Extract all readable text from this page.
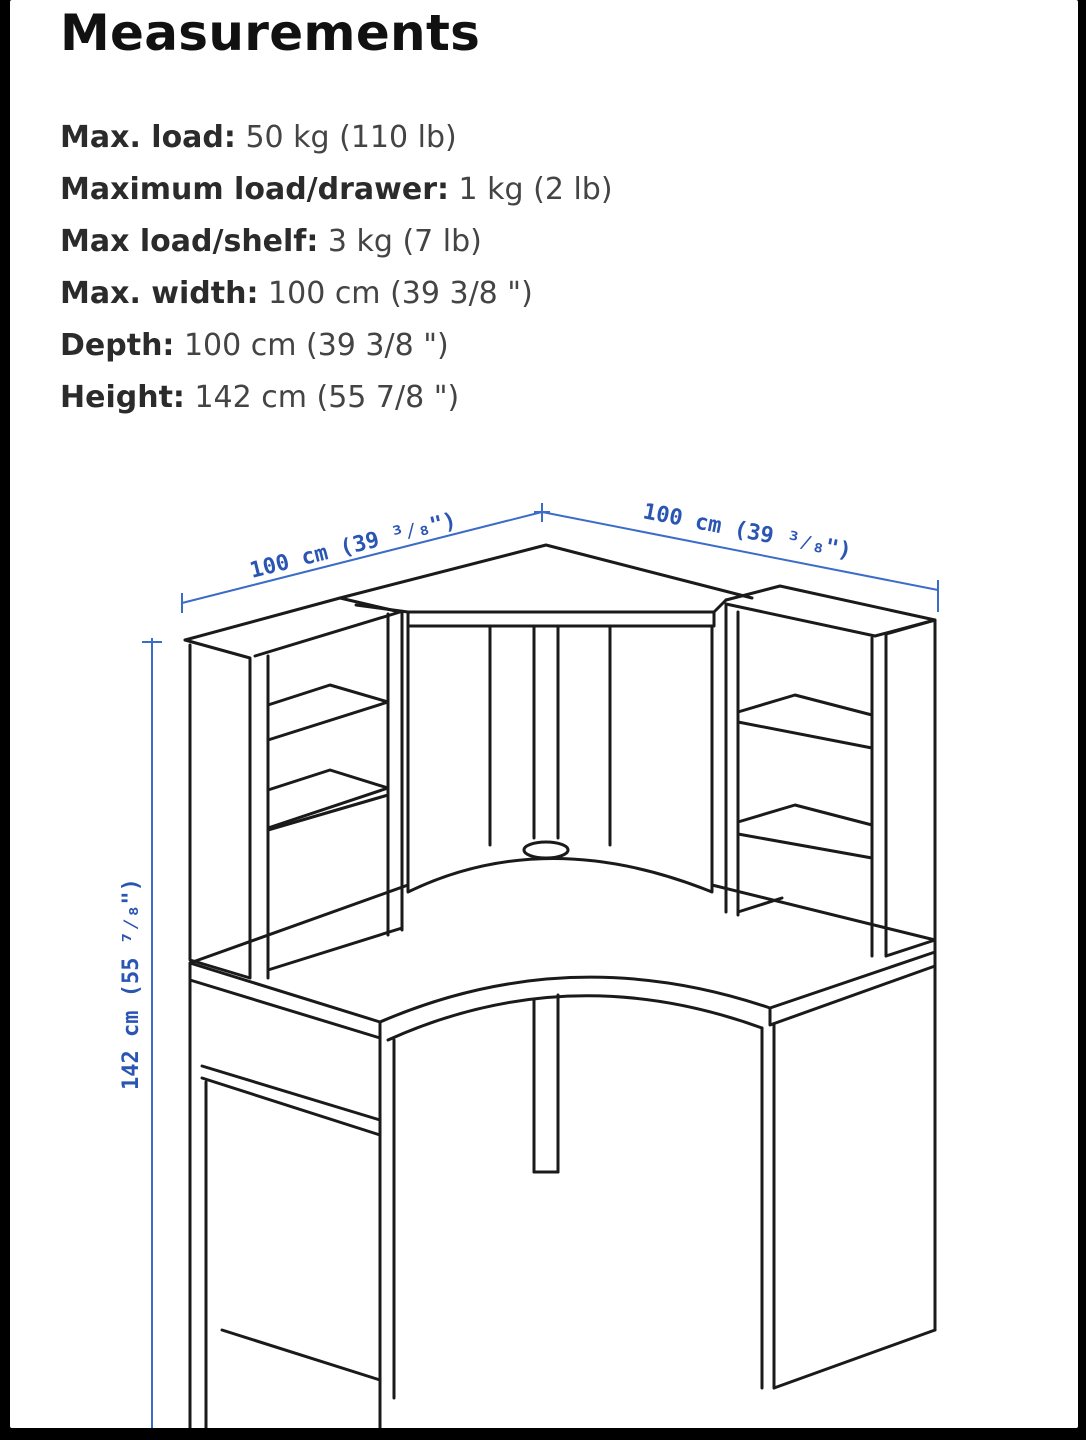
Measurements
Max. load: 50 kg (110 lb)
Maximum load/drawer: 1 kg (2 lb)
Max load/shelf: 3 kg (7 lb)
Max. width: 100 cm (39 3/8 ")
Depth: 100 cm (39 3/8 ")
Height: 142 cm (55 7/8 ")
100 cm (39 ³⁄₈")	100 cm (39 ³⁄₈")
142 cm (55 ⁷⁄₈")
